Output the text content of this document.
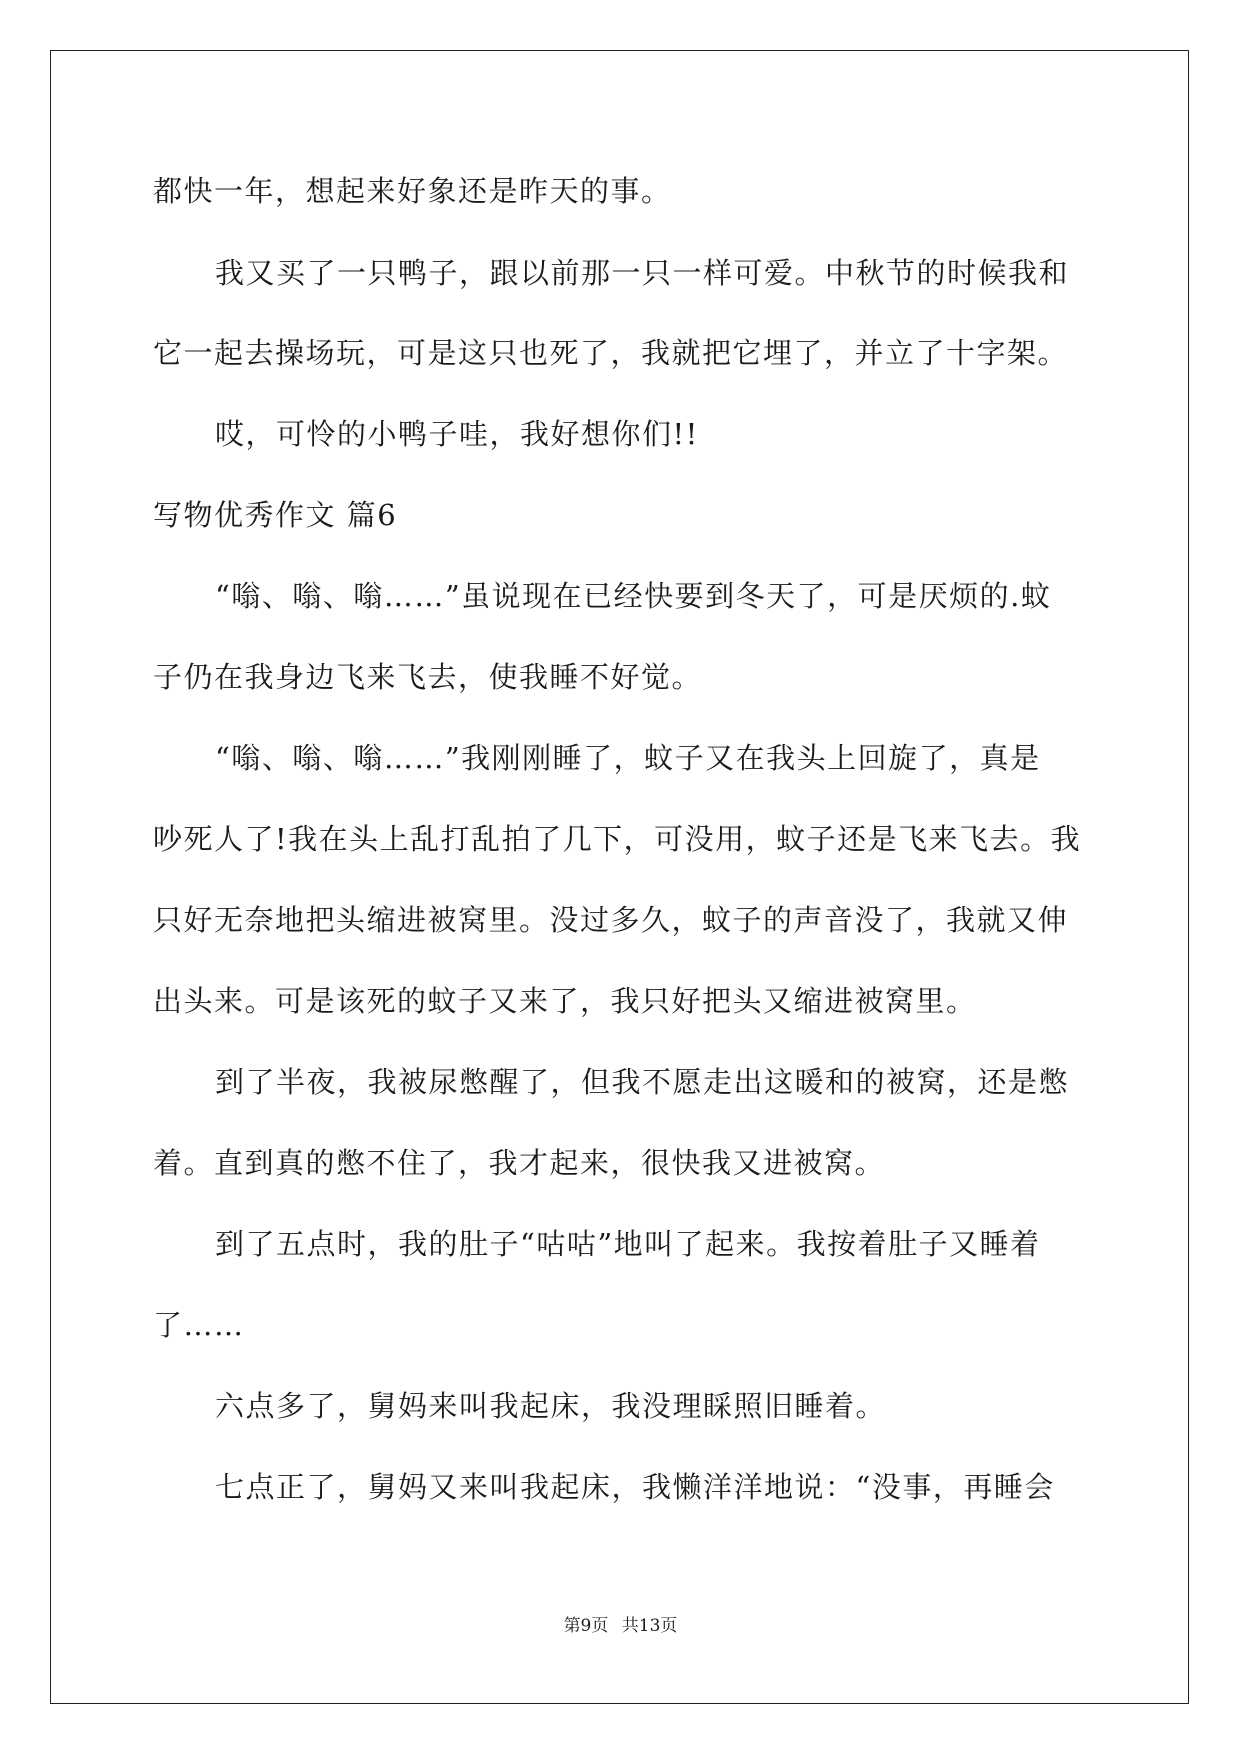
都快一年，想起来好象还是昨天的事。
我又买了一只鸭子，跟以前那一只一样可爱。中秋节的时候我和
它一起去操场玩，可是这只也死了，我就把它埋了，并立了十字架。
哎，可怜的小鸭子哇，我好想你们!!
写物优秀作文 篇6
“嗡、嗡、嗡……”虽说现在已经快要到冬天了，可是厌烦的.蚊
子仍在我身边飞来飞去，使我睡不好觉。
“嗡、嗡、嗡……”我刚刚睡了，蚊子又在我头上回旋了，真是
吵死人了!我在头上乱打乱拍了几下，可没用，蚊子还是飞来飞去。我
只好无奈地把头缩进被窝里。没过多久，蚊子的声音没了，我就又伸
出头来。可是该死的蚊子又来了，我只好把头又缩进被窝里。
到了半夜，我被尿憋醒了，但我不愿走出这暖和的被窝，还是憋
着。直到真的憋不住了，我才起来，很快我又进被窝。
到了五点时，我的肚子“咕咕”地叫了起来。我按着肚子又睡着
了……
六点多了，舅妈来叫我起床，我没理睬照旧睡着。
七点正了，舅妈又来叫我起床，我懒洋洋地说：“没事，再睡会
第9页 共13页
